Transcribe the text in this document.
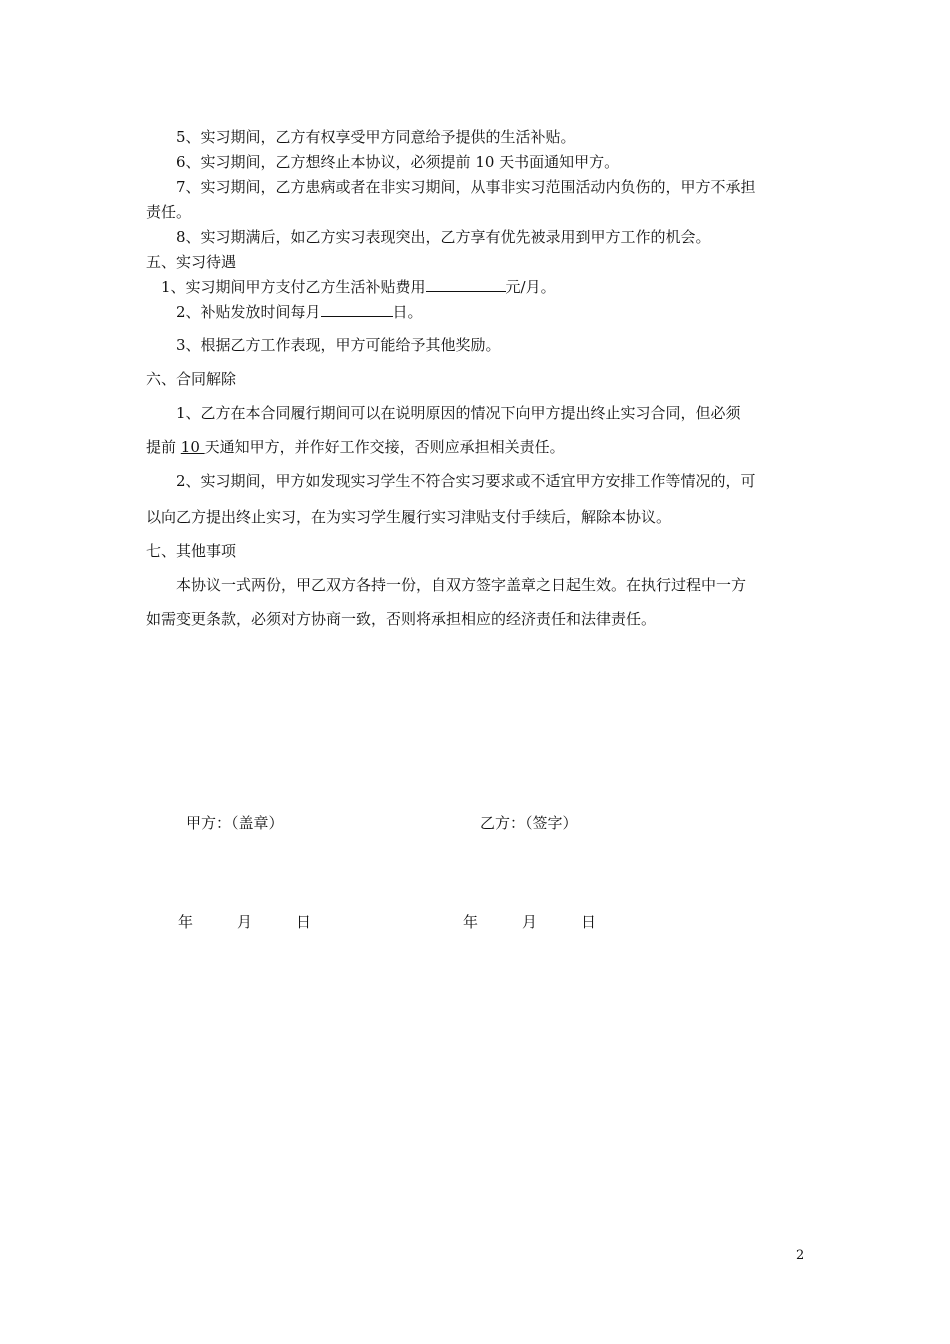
5、实习期间，乙方有权享受甲方同意给予提供的生活补贴。
6、实习期间，乙方想终止本协议，必须提前 10 天书面通知甲方。
7、实习期间，乙方患病或者在非实习期间，从事非实习范围活动内负伤的，甲方不承担
责任。
8、实习期满后，如乙方实习表现突出，乙方享有优先被录用到甲方工作的机会。
五、实习待遇
1、实习期间甲方支付乙方生活补贴费用	元/月。
2、补贴发放时间每月	日。
3、根据乙方工作表现，甲方可能给予其他奖励。
六、合同解除
1、乙方在本合同履行期间可以在说明原因的情况下向甲方提出终止实习合同，但必须
提前 10 天通知甲方，并作好工作交接，否则应承担相关责任。
2、实习期间，甲方如发现实习学生不符合实习要求或不适宜甲方安排工作等情况的，可
以向乙方提出终止实习，在为实习学生履行实习津贴支付手续后，解除本协议。
七、其他事项
本协议一式两份，甲乙双方各持一份，自双方签字盖章之日起生效。在执行过程中一方
如需变更条款，必须对方协商一致，否则将承担相应的经济责任和法律责任。
甲方：（盖章）	乙方：（签字）
年	月	日	年	月	日
2
